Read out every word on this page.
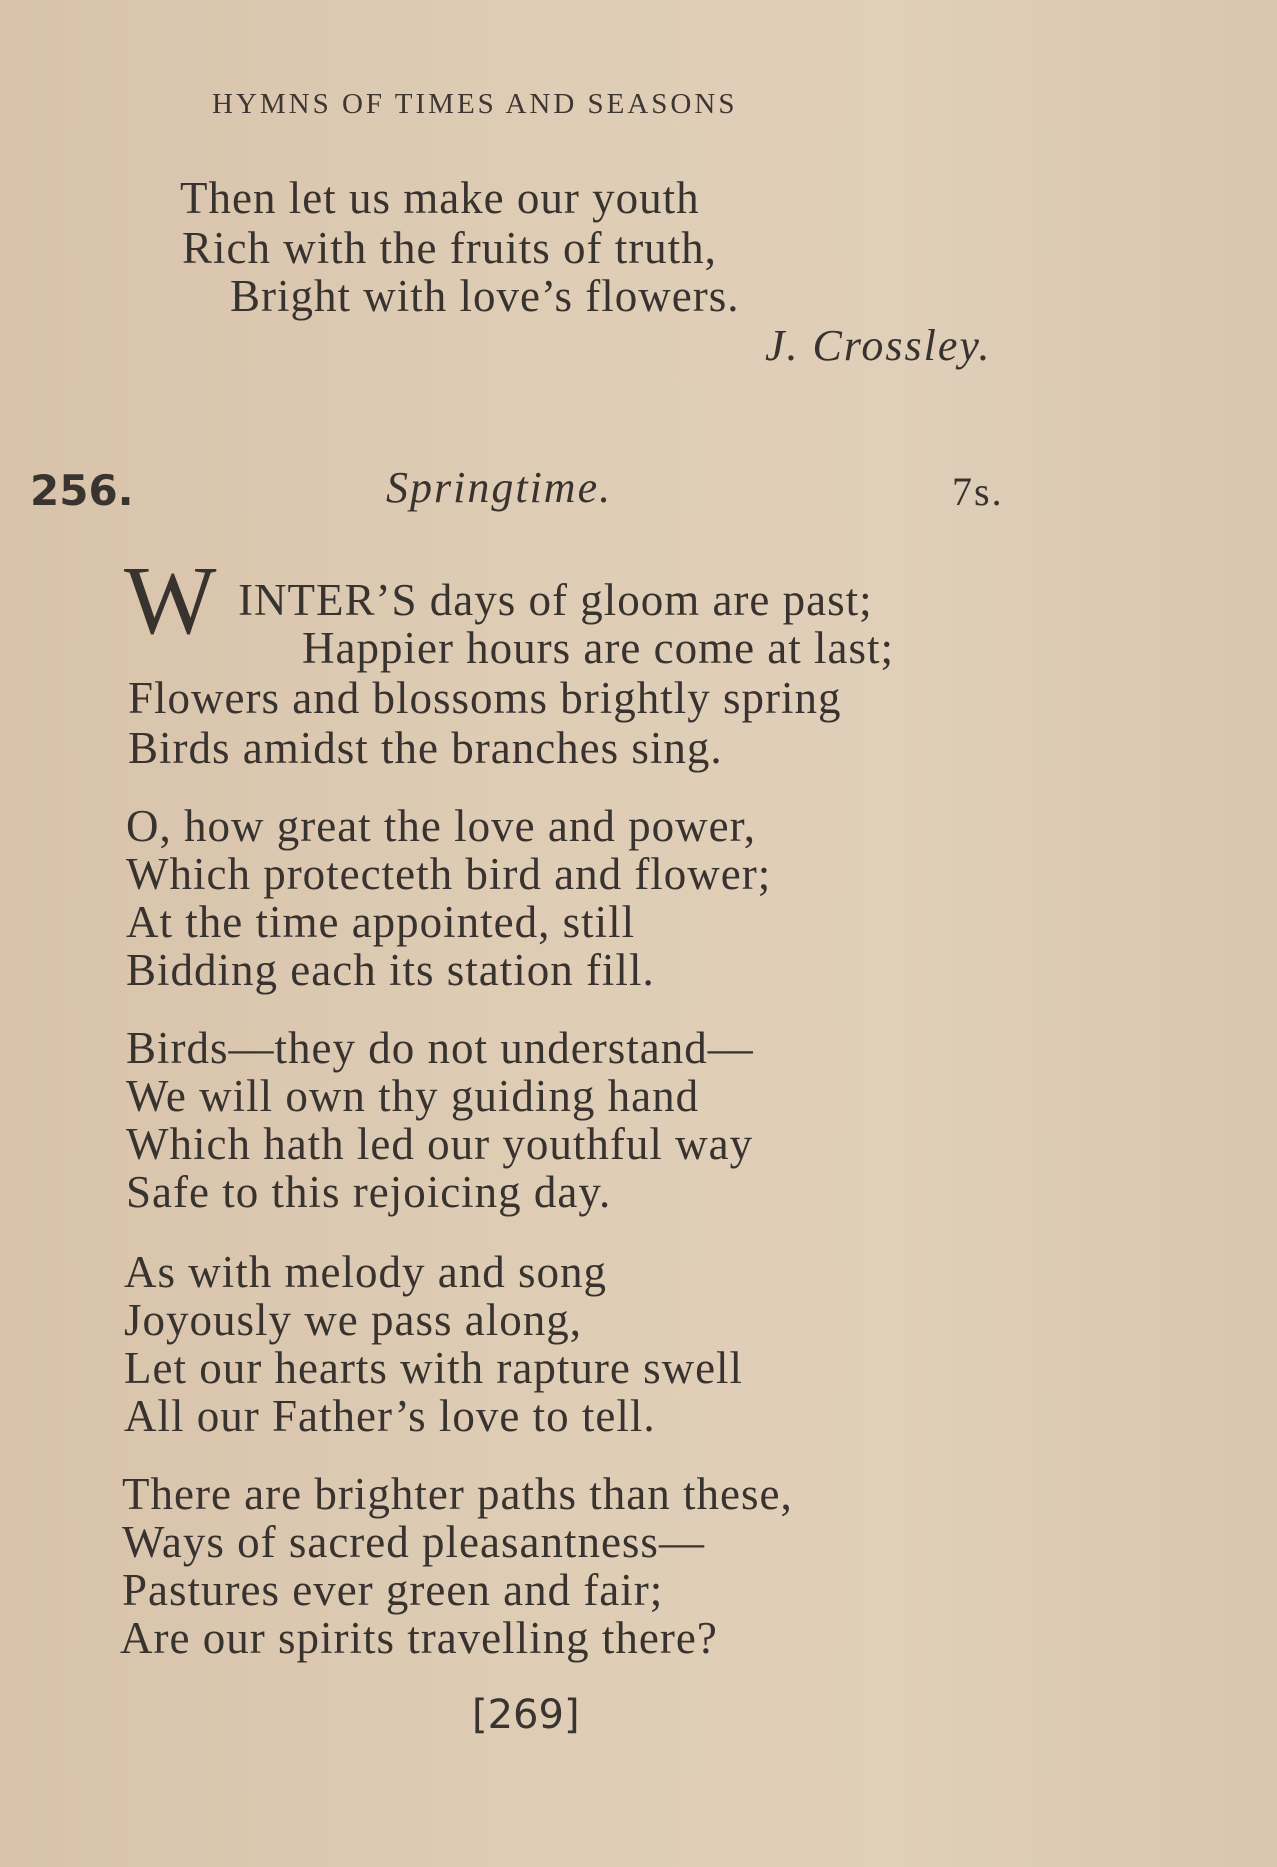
HYMNS OF TIMES AND SEASONS
Then let us make our youth
Rich with the fruits of truth,
Bright with love’s flowers.
J. Crossley.
256.	Springtime.	7s.
W INTER’S days of gloom are past;
Happier hours are come at last;
Flowers and blossoms brightly spring
Birds amidst the branches sing.
O, how great the love and power,
Which protecteth bird and flower;
At the time appointed, still
Bidding each its station fill.
Birds—they do not understand—
We will own thy guiding hand
Which hath led our youthful way
Safe to this rejoicing day.
As with melody and song
Joyously we pass along,
Let our hearts with rapture swell
All our Father’s love to tell.
There are brighter paths than these,
Ways of sacred pleasantness—
Pastures ever green and fair;
Are our spirits travelling there?
[269]
